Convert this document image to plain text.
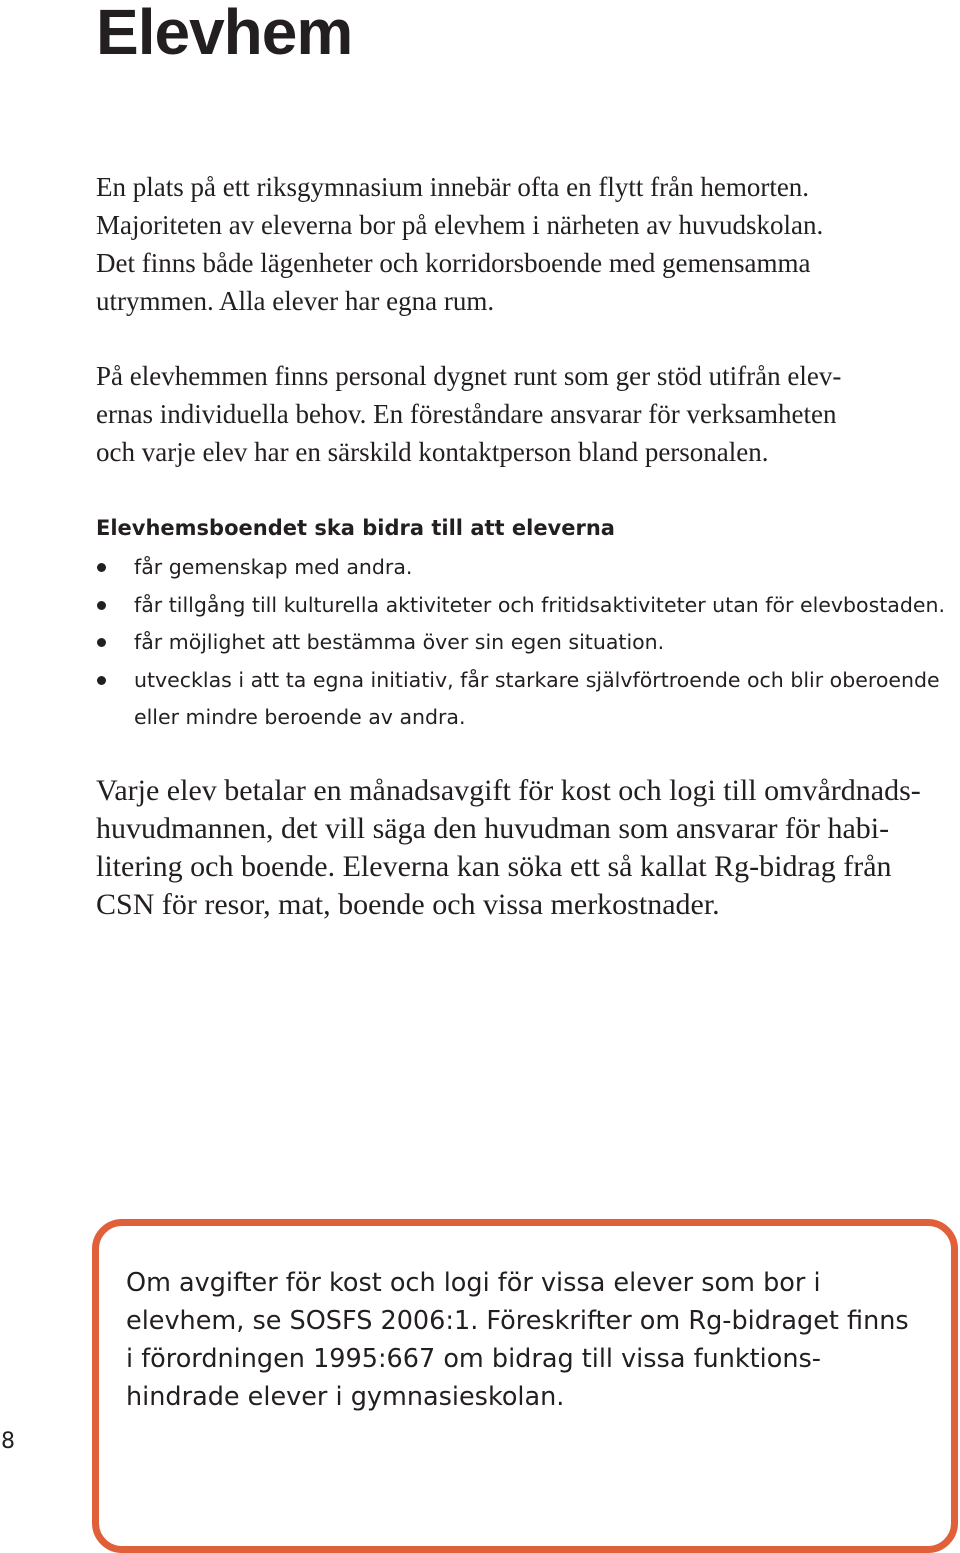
Elevhem

En plats på ett riksgymnasium innebär ofta en flytt från hemorten.
Majoriteten av eleverna bor på elevhem i närheten av huvudskolan.
Det finns både lägenheter och korridorsboende med gemensamma
utrymmen. Alla elever har egna rum.

På elevhemmen finns personal dygnet runt som ger stöd utifrån elev-
ernas individuella behov. En föreståndare ansvarar för verksamheten
och varje elev har en särskild kontaktperson bland personalen.

Elevhemsboendet ska bidra till att eleverna
får gemenskap med andra.
får tillgång till kulturella aktiviteter och fritidsaktiviteter utan för elevbostaden.
får möjlighet att bestämma över sin egen situation.
utvecklas i att ta egna initiativ, får starkare självförtroende och blir oberoende
eller mindre beroende av andra.

Varje elev betalar en månadsavgift för kost och logi till omvårdnads-
huvudmannen, det vill säga den huvudman som ansvarar för habi-
litering och boende. Eleverna kan söka ett så kallat Rg-bidrag från
CSN för resor, mat, boende och vissa merkostnader.

Om avgifter för kost och logi för vissa elever som bor i
elevhem, se SOSFS 2006:1. Föreskrifter om Rg-bidraget finns
i förordningen 1995:667 om bidrag till vissa funktions-
hindrade elever i gymnasieskolan.

8
